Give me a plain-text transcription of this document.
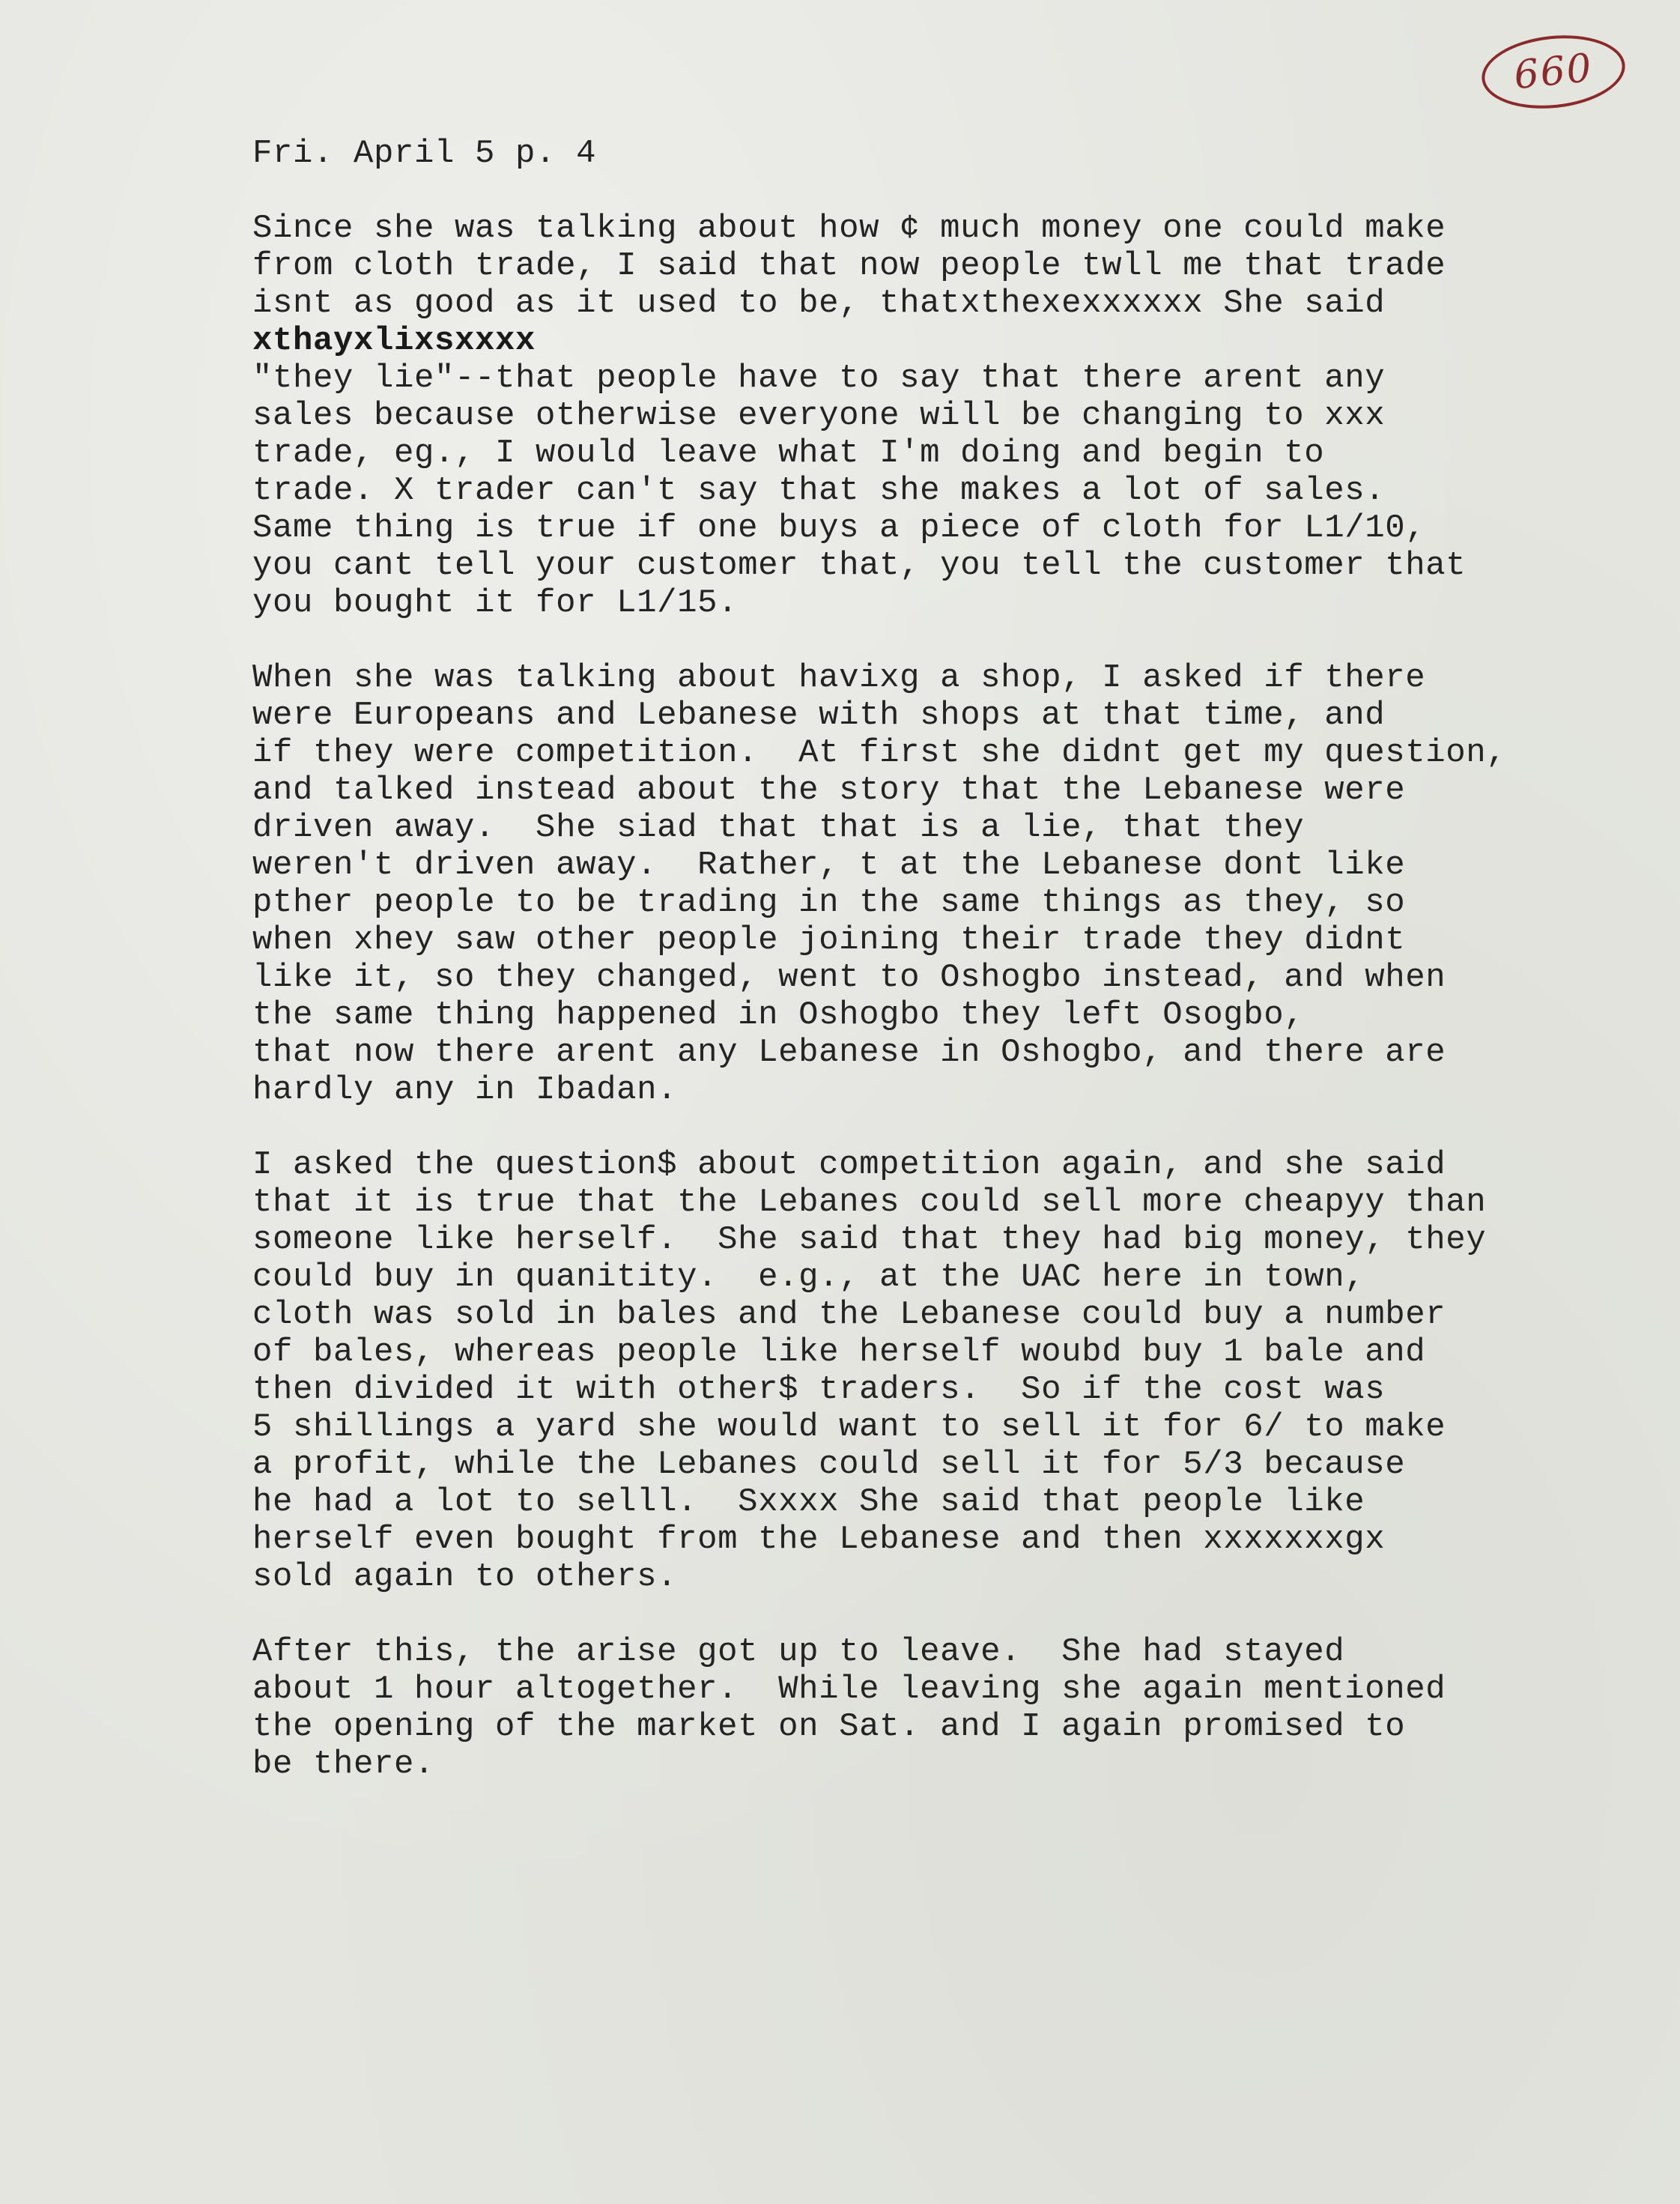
660
Fri. April 5 p. 4
Since she was talking about how ¢ much money one could make
from cloth trade, I said that now people twll me that trade
isnt as good as it used to be, thatxthexexxxxxx She said
xthayxlixsxxxx
"they lie"--that people have to say that there arent any
sales because otherwise everyone will be changing to xxx
trade, eg., I would leave what I'm doing and begin to
trade. X trader can't say that she makes a lot of sales.
Same thing is true if one buys a piece of cloth for L1/10,
you cant tell your customer that, you tell the customer that
you bought it for L1/15.
When she was talking about havixg a shop, I asked if there
were Europeans and Lebanese with shops at that time, and
if they were competition.  At first she didnt get my question,
and talked instead about the story that the Lebanese were
driven away.  She siad that that is a lie, that they
weren't driven away.  Rather, t at the Lebanese dont like
pther people to be trading in the same things as they, so
when xhey saw other people joining their trade they didnt
like it, so they changed, went to Oshogbo instead, and when
the same thing happened in Oshogbo they left Osogbo,
that now there arent any Lebanese in Oshogbo, and there are
hardly any in Ibadan.
I asked the question$ about competition again, and she said
that it is true that the Lebanes could sell more cheapyy than
someone like herself.  She said that they had big money, they
could buy in quanitity.  e.g., at the UAC here in town,
cloth was sold in bales and the Lebanese could buy a number
of bales, whereas people like herself woubd buy 1 bale and
then divided it with other$ traders.  So if the cost was
5 shillings a yard she would want to sell it for 6/ to make
a profit, while the Lebanes could sell it for 5/3 because
he had a lot to selll.  Sxxxx She said that people like
herself even bought from the Lebanese and then xxxxxxxgx
sold again to others.
After this, the arise got up to leave.  She had stayed
about 1 hour altogether.  While leaving she again mentioned
the opening of the market on Sat. and I again promised to
be there.
